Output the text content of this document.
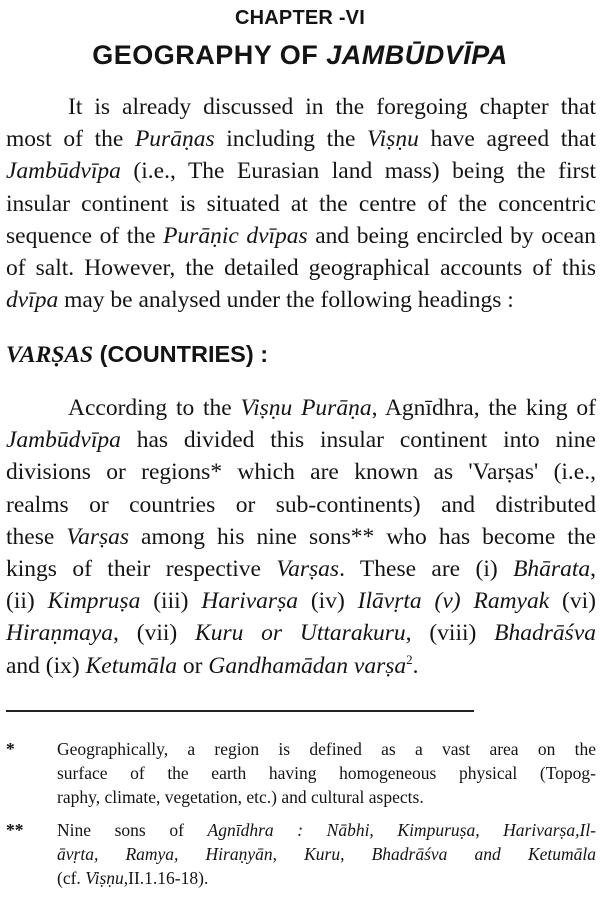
CHAPTER -VI
GEOGRAPHY OF JAMBŪDVĪPA
It is already discussed in the foregoing chapter that
most of the Purāṇas including the Viṣṇu have agreed that
Jambūdvīpa (i.e., The Eurasian land mass) being the first
insular continent is situated at the centre of the concentric
sequence of the Purāṇic dvīpas and being encircled by ocean
of salt. However, the detailed geographical accounts of this
dvīpa may be analysed under the following headings :
VARṢAS (COUNTRIES) :
According to the Viṣṇu Purāṇa, Agnīdhra, the king of
Jambūdvīpa has divided this insular continent into nine
divisions or regions* which are known as 'Varṣas' (i.e.,
realms or countries or sub-continents) and distributed
these Varṣas among his nine sons** who has become the
kings of their respective Varṣas. These are (i) Bhārata,
(ii) Kimpruṣa (iii) Harivarṣa (iv) Ilāvṛta (v) Ramyak (vi)
Hiraṇmaya, (vii) Kuru or Uttarakuru, (viii) Bhadrāśva
and (ix) Ketumāla or Gandhamādan varṣa$^2$.
* Geographically, a region is defined as a vast area on the
surface of the earth having homogeneous physical (Topog-
raphy, climate, vegetation, etc.) and cultural aspects.
** Nine sons of Agnīdhra : Nābhi, Kimpuruṣa, Harivarṣa,Il-
āvṛta, Ramya, Hiraṇyān, Kuru, Bhadrāśva and Ketumāla
(cf. Viṣṇu,II.1.16-18).
